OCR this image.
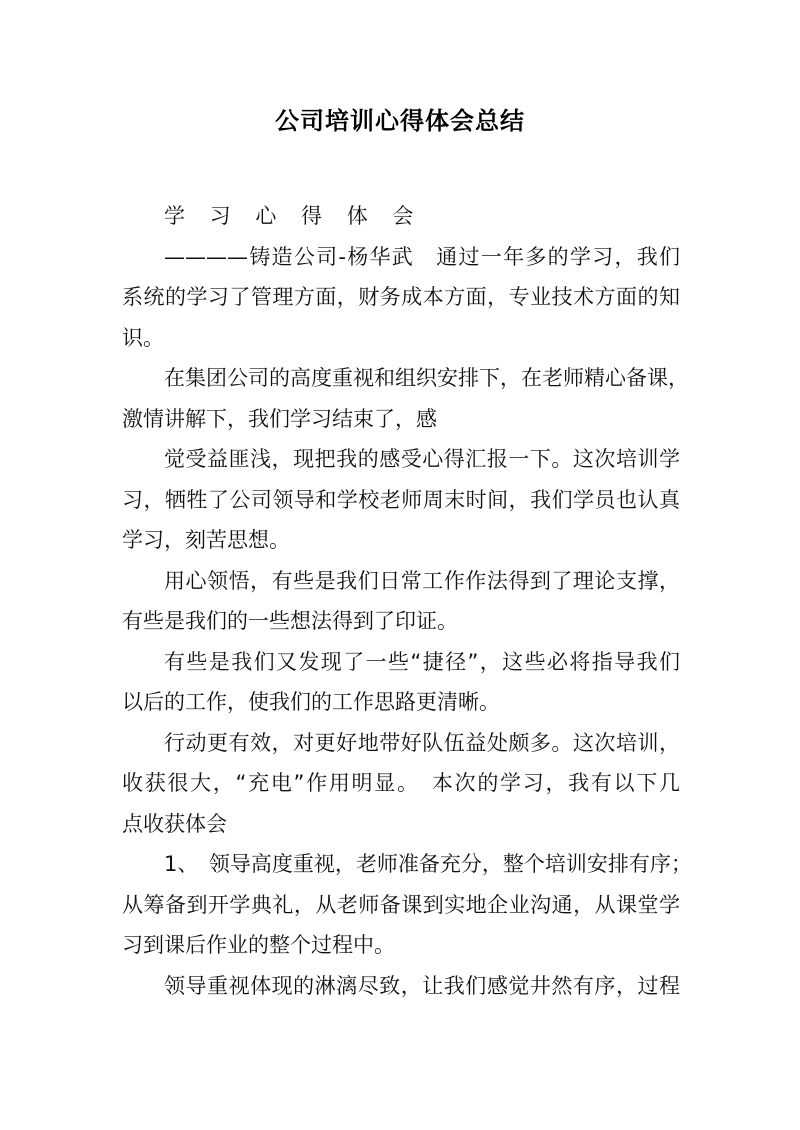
公司培训心得体会总结
学 习 心 得 体 会
————铸造公司-杨华武　通过一年多的学习，我们
系统的学习了管理方面，财务成本方面，专业技术方面的知
识。
在集团公司的高度重视和组织安排下，在老师精心备课，
激情讲解下，我们学习结束了，感
觉受益匪浅，现把我的感受心得汇报一下。这次培训学
习，牺牲了公司领导和学校老师周末时间，我们学员也认真
学习，刻苦思想。
用心领悟，有些是我们日常工作作法得到了理论支撑，
有些是我们的一些想法得到了印证。
有些是我们又发现了一些“捷径”，这些必将指导我们
以后的工作，使我们的工作思路更清晰。
行动更有效，对更好地带好队伍益处颇多。这次培训，
收获很大，“充电”作用明显。　本次的学习，我有以下几
点收获体会
1、　领导高度重视，老师准备充分，整个培训安排有序；
从筹备到开学典礼，从老师备课到实地企业沟通，从课堂学
习到课后作业的整个过程中。
领导重视体现的淋漓尽致，让我们感觉井然有序，过程
